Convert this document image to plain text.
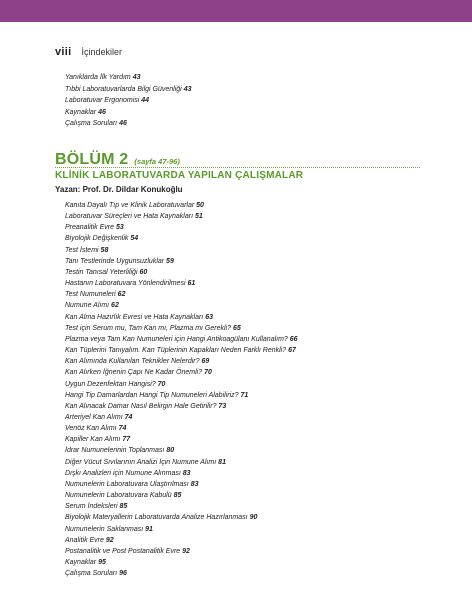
viii İçindekiler
Yanıklarda İlk Yardım 43
Tıbbi Laboratuvarlarda Bilgi Güvenliği 43
Laboratuvar Ergonomisi 44
Kaynaklar 46
Çalışma Soruları 46
BÖLÜM 2 (sayfa 47-96)
KLİNİK LABORATUVARDA YAPILAN ÇALIŞMALAR
Yazan: Prof. Dr. Dildar Konukoğlu
Kanıta Dayalı Tıp ve Klinik Laboratuvarlar 50
Laboratuvar Süreçleri ve Hata Kaynakları 51
Preanalitik Evre 53
Biyolojik Değişkenlik 54
Test İstemi 58
Tanı Testlerinde Uygunsuzluklar 59
Testin Tanısal Yeterliliği 60
Hastanın Laboratuvara Yönlendirilmesi 61
Test Numuneleri 62
Numune Alımı 62
Kan Alma Hazırlık Evresi ve Hata Kaynakları 63
Test için Serum mu, Tam Kan mı, Plazma mı Gerekli? 65
Plazma veya Tam Kan Numuneleri için Hangi Antikoagülanı Kullanalım? 66
Kan Tüplerini Tanıyalım. Kan Tüplerinin Kapakları Neden Farklı Renkli? 67
Kan Alımında Kullanılan Teknikler Nelerdir? 69
Kan Alırken İğnenin Çapı Ne Kadar Önemli? 70
Uygun Dezenfektan Hangisi? 70
Hangi Tip Damarlardan Hangi Tip Numuneleri Alabiliriz? 71
Kan Alınacak Damar Nasıl Belirgin Hale Getirilir? 73
Arteriyel Kan Alımı 74
Venöz Kan Alımı 74
Kapiller Kan Alımı 77
İdrar Numunelerinin Toplanması 80
Diğer Vücut Sıvılarının Analizi İçin Numune Alımı 81
Dışkı Analizleri için Numune Alınması 83
Numunelerin Laboratuvara Ulaştırılması 83
Numunelerin Laboratuvara Kabulü 85
Serum İndeksleri 85
Biyolojik Materyallerin Laboratuvarda Analize Hazırlanması 90
Numunelerin Saklanması 91
Analitik Evre 92
Postanalitik ve Post Postanalitik Evre 92
Kaynaklar 95
Çalışma Soruları 96
